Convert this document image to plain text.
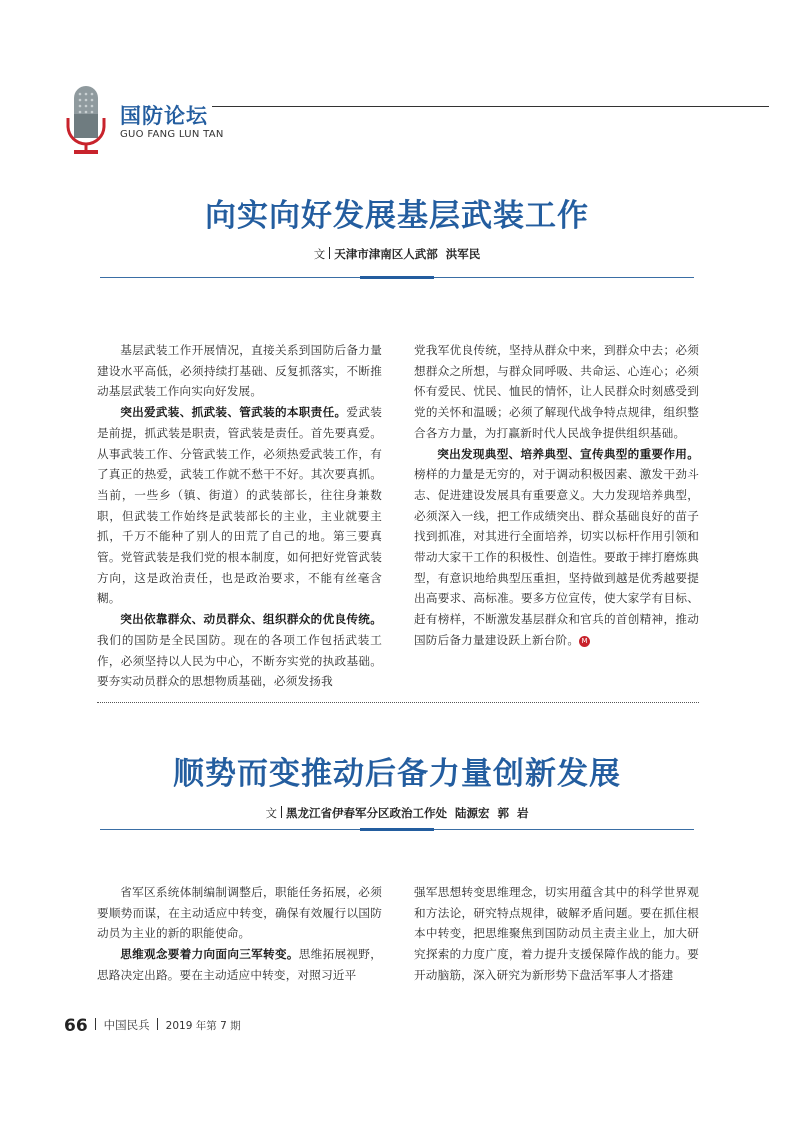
国防论坛
GUO FANG LUN TAN
向实向好发展基层武装工作
文 天津市津南区人武部  洪军民

基层武装工作开展情况，直接关系到国防后备力量建设水平高低，必须持续打基础、反复抓落实，不断推动基层武装工作向实向好发展。

突出爱武装、抓武装、管武装的本职责任。爱武装是前提，抓武装是职责，管武装是责任。首先要真爱。从事武装工作、分管武装工作，必须热爱武装工作，有了真正的热爱，武装工作就不愁干不好。其次要真抓。当前，一些乡（镇、街道）的武装部长，往往身兼数职，但武装工作始终是武装部长的主业，主业就要主抓，千万不能种了别人的田荒了自己的地。第三要真管。党管武装是我们党的根本制度，如何把好党管武装方向，这是政治责任，也是政治要求，不能有丝毫含糊。

突出依靠群众、动员群众、组织群众的优良传统。我们的国防是全民国防。现在的各项工作包括武装工作，必须坚持以人民为中心，不断夯实党的执政基础。要夯实动员群众的思想物质基础，必须发扬我

党我军优良传统，坚持从群众中来，到群众中去；必须想群众之所想，与群众同呼吸、共命运、心连心；必须怀有爱民、忧民、恤民的情怀，让人民群众时刻感受到党的关怀和温暖；必须了解现代战争特点规律，组织整合各方力量，为打赢新时代人民战争提供组织基础。

突出发现典型、培养典型、宣传典型的重要作用。榜样的力量是无穷的，对于调动积极因素、激发干劲斗志、促进建设发展具有重要意义。大力发现培养典型，必须深入一线，把工作成绩突出、群众基础良好的苗子找到抓准，对其进行全面培养，切实以标杆作用引领和带动大家干工作的积极性、创造性。要敢于摔打磨炼典型，有意识地给典型压重担，坚持做到越是优秀越要提出高要求、高标准。要多方位宣传，使大家学有目标、赶有榜样，不断激发基层群众和官兵的首创精神，推动国防后备力量建设跃上新台阶。 M

顺势而变推动后备力量创新发展
文 黑龙江省伊春军分区政治工作处  陆源宏  郭  岩

省军区系统体制编制调整后，职能任务拓展，必须要顺势而谋，在主动适应中转变，确保有效履行以国防动员为主业的新的职能使命。

思维观念要着力向面向三军转变。思维拓展视野，思路决定出路。要在主动适应中转变，对照习近平

强军思想转变思维理念，切实用蕴含其中的科学世界观和方法论，研究特点规律，破解矛盾问题。要在抓住根本中转变，把思维聚焦到国防动员主责主业上，加大研究探索的力度广度，着力提升支援保障作战的能力。要开动脑筋，深入研究为新形势下盘活军事人才搭建

66 中国民兵 2019 年第 7 期
